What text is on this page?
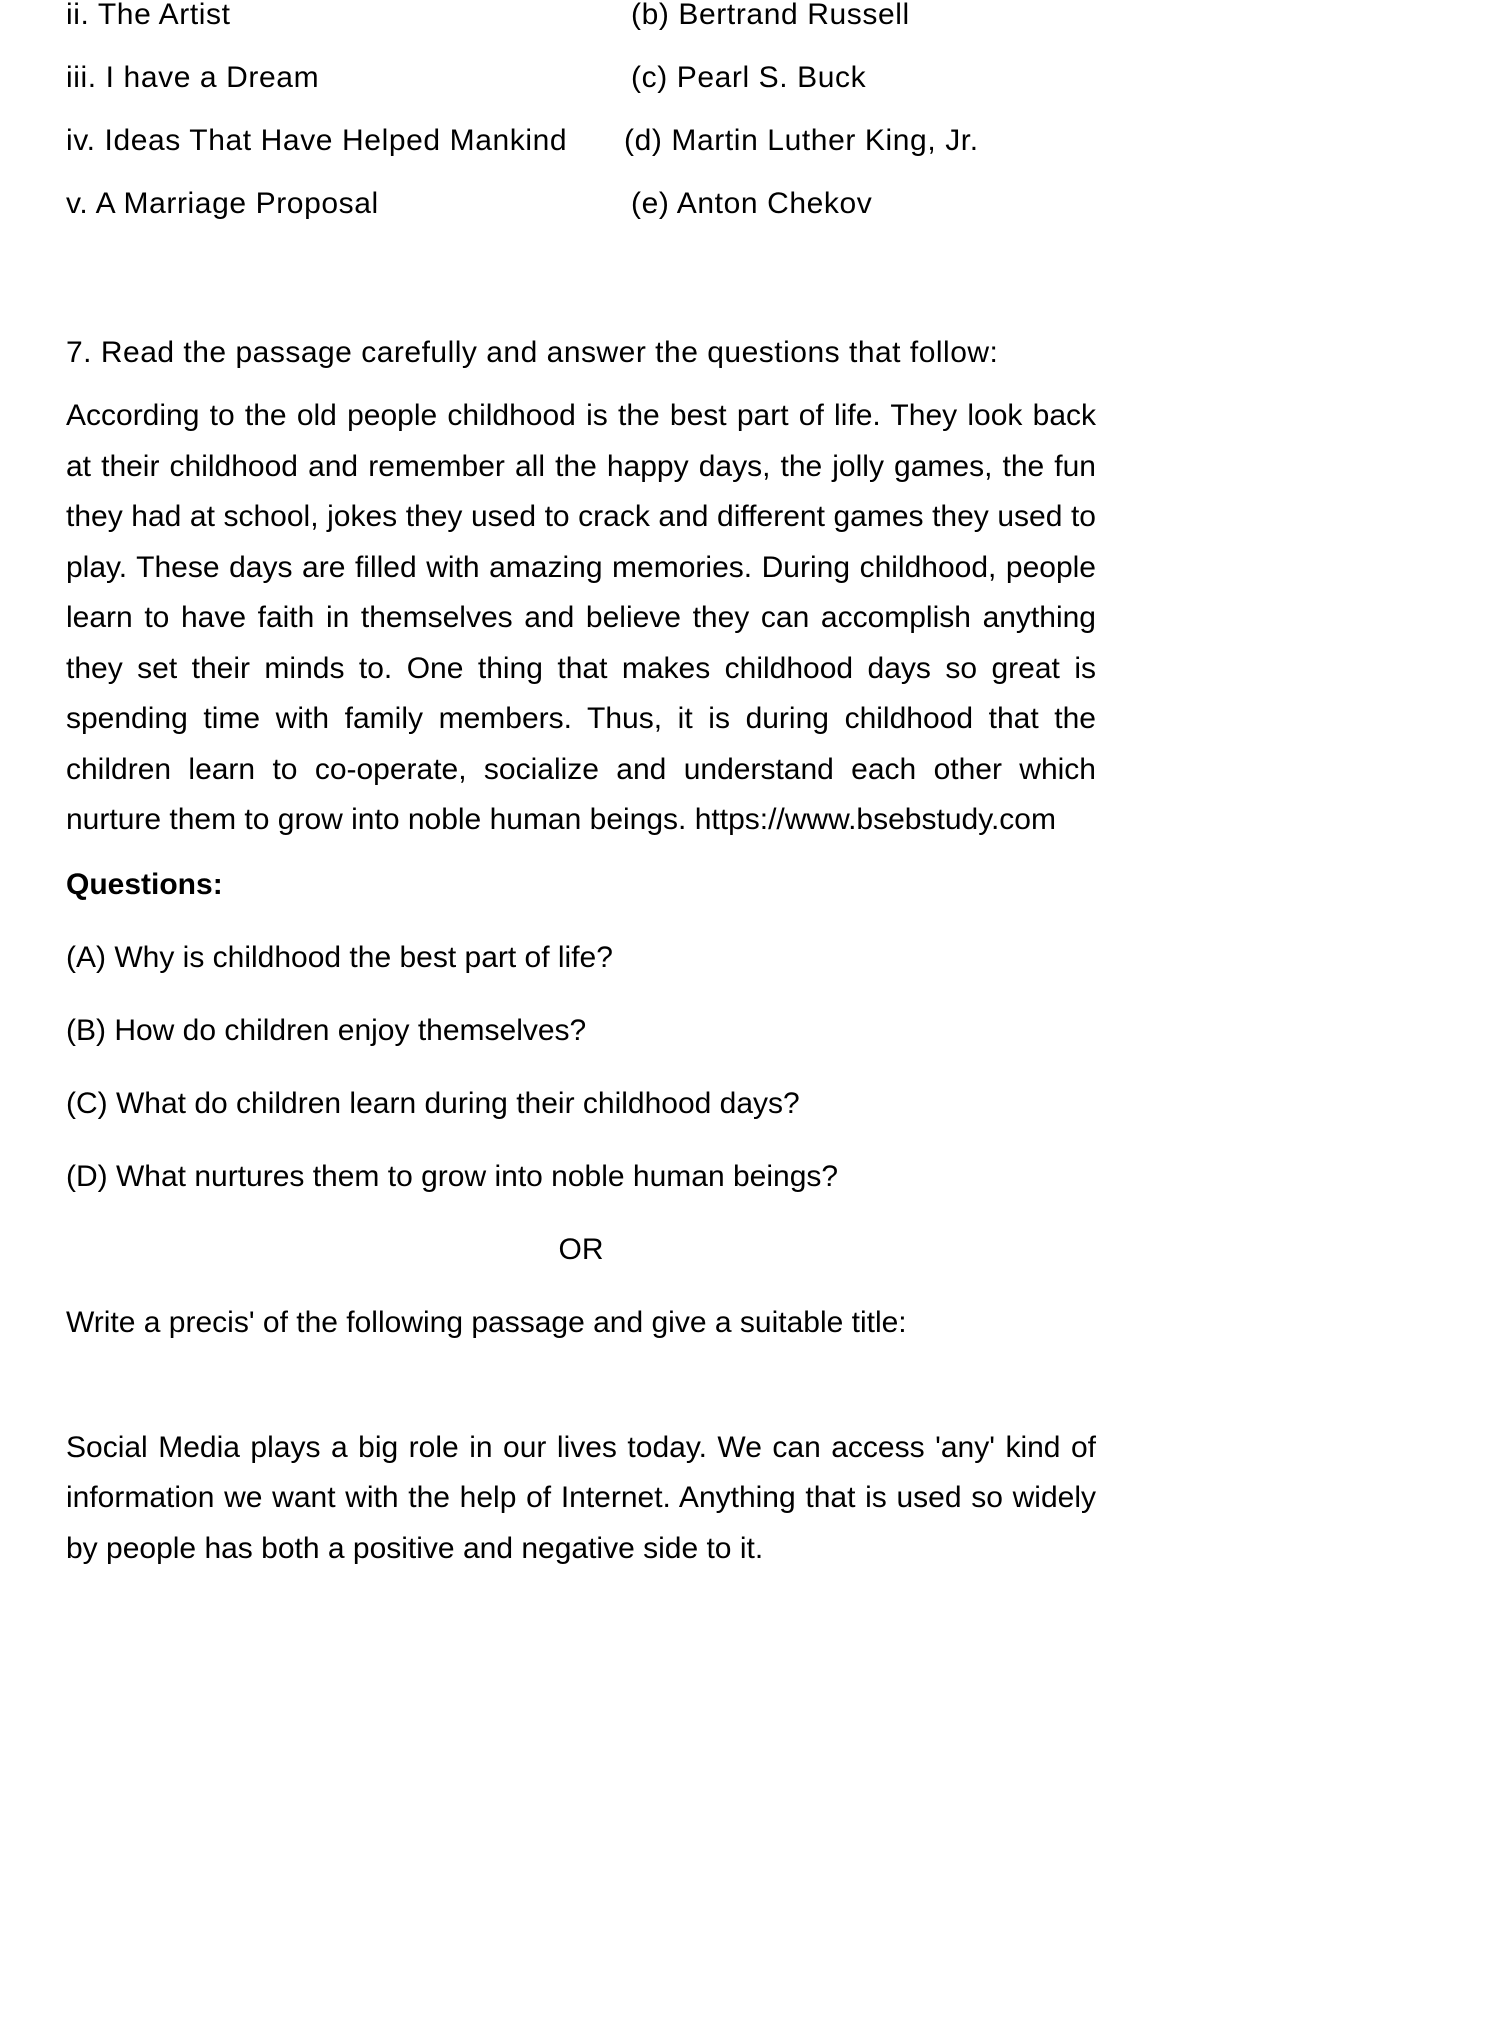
ii. The Artist	(b) Bertrand Russell
iii. I have a Dream	(c) Pearl S. Buck
iv. Ideas That Have Helped Mankind	(d) Martin Luther King, Jr.
v. A Marriage Proposal	(e) Anton Chekov
7. Read the passage carefully and answer the questions that follow:

According to the old people childhood is the best part of life. They look back at their childhood and remember all the happy days, the jolly games, the fun they had at school, jokes they used to crack and different games they used to play. These days are filled with amazing memories. During childhood, people learn to have faith in themselves and believe they can accomplish anything they set their minds to. One thing that makes childhood days so great is spending time with family members. Thus, it is during childhood that the children learn to co-operate, socialize and understand each other which nurture them to grow into noble human beings. https://www.bsebstudy.com

Questions:
(A) Why is childhood the best part of life?
(B) How do children enjoy themselves?
(C) What do children learn during their childhood days?
(D) What nurtures them to grow into noble human beings?
OR
Write a precis' of the following passage and give a suitable title:

Social Media plays a big role in our lives today. We can access 'any' kind of information we want with the help of Internet. Anything that is used so widely by people has both a positive and negative side to it.
